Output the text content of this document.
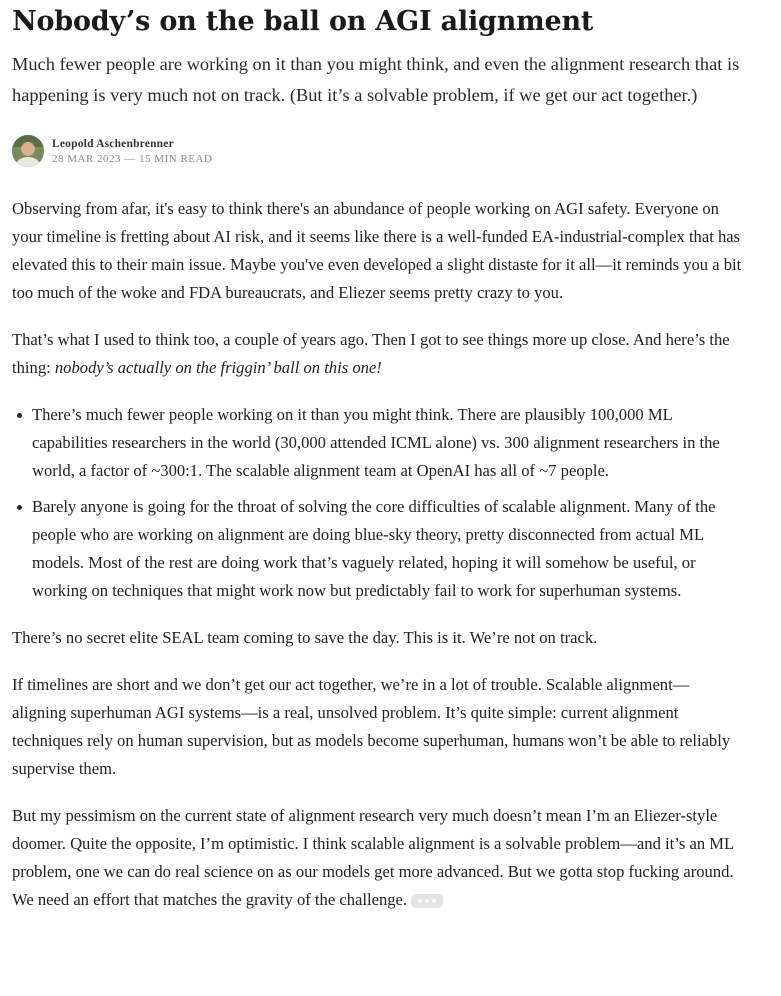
Nobody’s on the ball on AGI alignment
Much fewer people are working on it than you might think, and even the alignment research that is happening is very much not on track. (But it’s a solvable problem, if we get our act together.)
Leopold Aschenbrenner
28 MAR 2023 — 15 MIN READ

Observing from afar, it's easy to think there's an abundance of people working on AGI safety. Everyone on your timeline is fretting about AI risk, and it seems like there is a well-funded EA-industrial-complex that has elevated this to their main issue. Maybe you've even developed a slight distaste for it all—it reminds you a bit too much of the woke and FDA bureaucrats, and Eliezer seems pretty crazy to you.

That’s what I used to think too, a couple of years ago. Then I got to see things more up close. And here’s the thing: nobody’s actually on the friggin’ ball on this one!

There’s much fewer people working on it than you might think. There are plausibly 100,000 ML capabilities researchers in the world (30,000 attended ICML alone) vs. 300 alignment researchers in the world, a factor of ~300:1. The scalable alignment team at OpenAI has all of ~7 people.
Barely anyone is going for the throat of solving the core difficulties of scalable alignment. Many of the people who are working on alignment are doing blue-sky theory, pretty disconnected from actual ML models. Most of the rest are doing work that’s vaguely related, hoping it will somehow be useful, or working on techniques that might work now but predictably fail to work for superhuman systems.

There’s no secret elite SEAL team coming to save the day. This is it. We’re not on track.

If timelines are short and we don’t get our act together, we’re in a lot of trouble. Scalable alignment—aligning superhuman AGI systems—is a real, unsolved problem. It’s quite simple: current alignment techniques rely on human supervision, but as models become superhuman, humans won’t be able to reliably supervise them.

But my pessimism on the current state of alignment research very much doesn’t mean I’m an Eliezer-style doomer. Quite the opposite, I’m optimistic. I think scalable alignment is a solvable problem—and it’s an ML problem, one we can do real science on as our models get more advanced. But we gotta stop fucking around. We need an effort that matches the gravity of the challenge.
